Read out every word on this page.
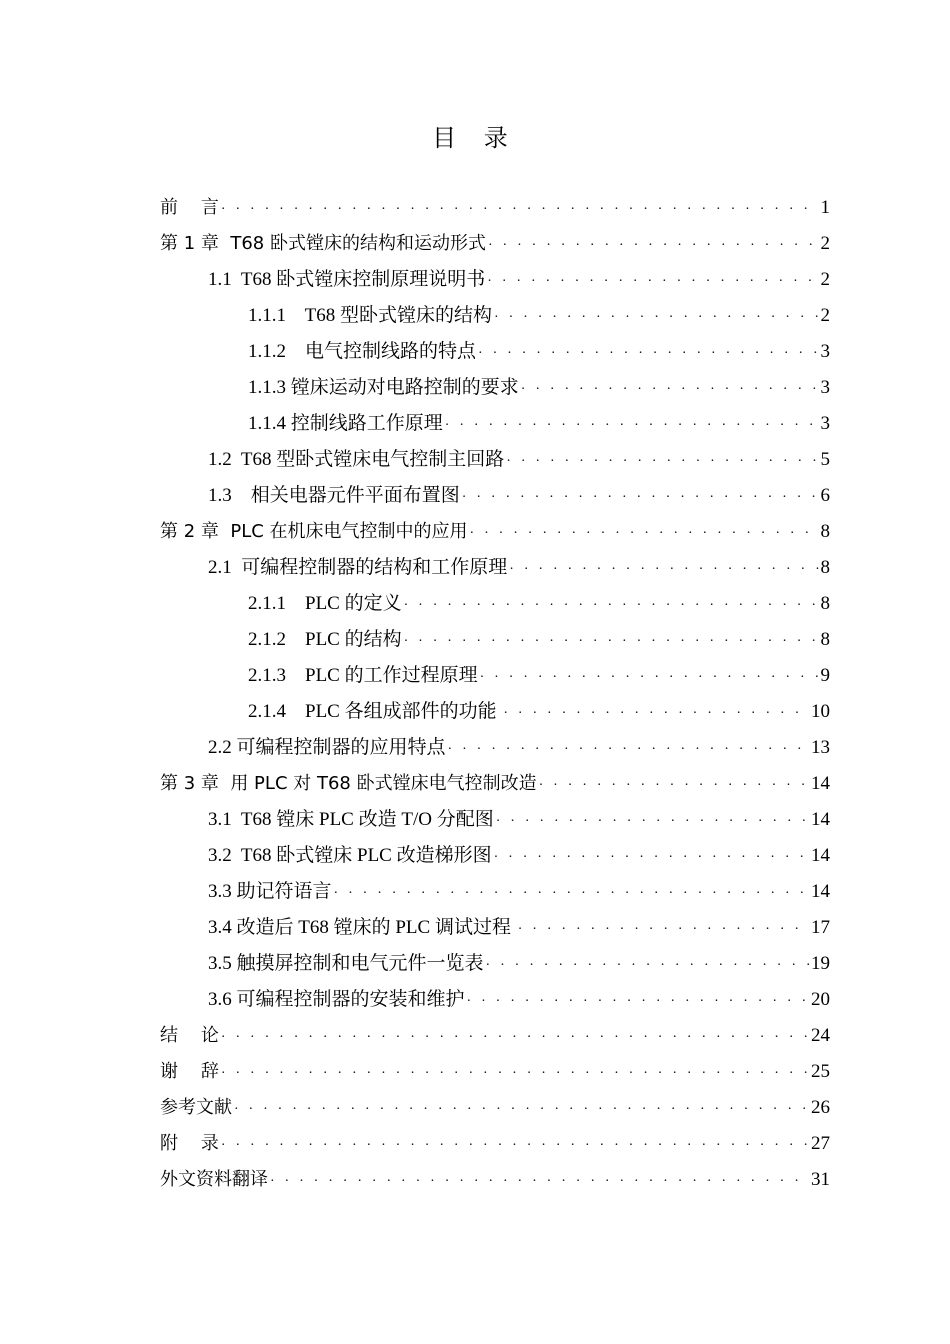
目 录
前    言 · · ·	1
第 1 章  T68 卧式镗床的结构和运动形式 · · ·	2
1.1  T68 卧式镗床控制原理说明书 · · ·	2
1.1.1    T68 型卧式镗床的结构 · · ·	2
1.1.2    电气控制线路的特点 · · ·	3
1.1.3 镗床运动对电路控制的要求 · · ·	3
1.1.4 控制线路工作原理 · · ·	3
1.2  T68 型卧式镗床电气控制主回路 · · ·	5
1.3    相关电器元件平面布置图 · · ·	6
第 2 章  PLC 在机床电气控制中的应用 · · ·	8
2.1  可编程控制器的结构和工作原理 · · ·	8
2.1.1    PLC 的定义 · · ·	8
2.1.2    PLC 的结构 · · ·	8
2.1.3    PLC 的工作过程原理 · · ·	9
2.1.4    PLC 各组成部件的功能 · · ·	10
2.2 可编程控制器的应用特点 · · ·	13
第 3 章  用 PLC 对 T68 卧式镗床电气控制改造 · · ·	14
3.1  T68 镗床 PLC 改造 T/O 分配图 · · ·	14
3.2  T68 卧式镗床 PLC 改造梯形图 · · ·	14
3.3 助记符语言 · · ·	14
3.4 改造后 T68 镗床的 PLC 调试过程 · · ·	17
3.5 触摸屏控制和电气元件一览表 · · ·	19
3.6 可编程控制器的安装和维护 · · ·	20
结    论 · · ·	24
谢    辞 · · ·	25
参考文献 · · ·	26
附    录 · · ·	27
外文资料翻译 · · ·	31
